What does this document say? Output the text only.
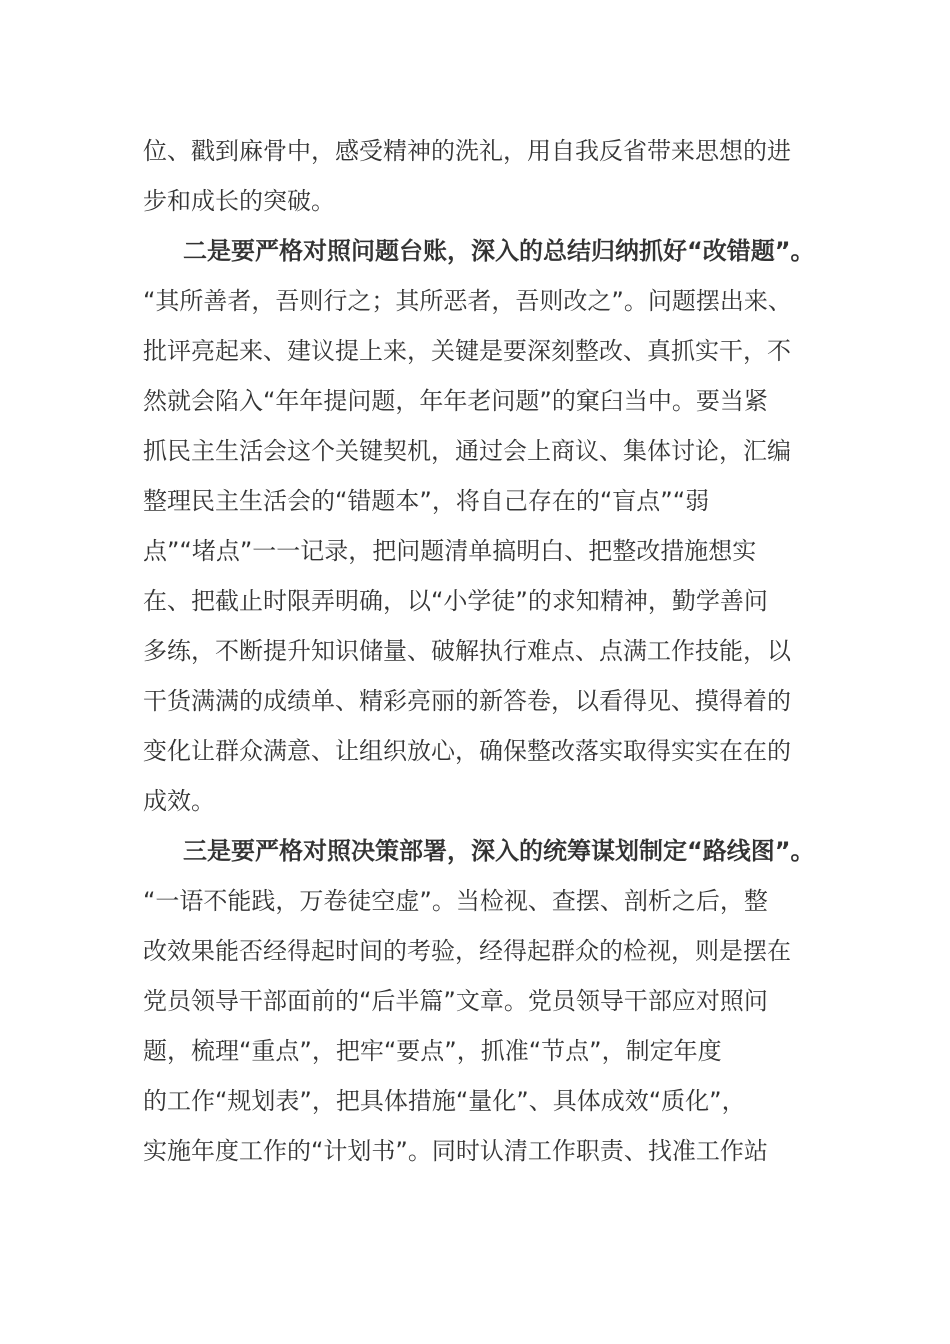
位、戳到麻骨中，感受精神的洗礼，用自我反省带来思想的进
步和成长的突破。
二是要严格对照问题台账，深入的总结归纳抓好“改错题”。
“其所善者，吾则行之；其所恶者，吾则改之”。问题摆出来、
批评亮起来、建议提上来，关键是要深刻整改、真抓实干，不
然就会陷入“年年提问题，年年老问题”的窠臼当中。要当紧
抓民主生活会这个关键契机，通过会上商议、集体讨论，汇编
整理民主生活会的“错题本”，将自己存在的“盲点”“弱
点”“堵点”一一记录，把问题清单搞明白、把整改措施想实
在、把截止时限弄明确，以“小学徒”的求知精神，勤学善问
多练，不断提升知识储量、破解执行难点、点满工作技能，以
干货满满的成绩单、精彩亮丽的新答卷，以看得见、摸得着的
变化让群众满意、让组织放心，确保整改落实取得实实在在的
成效。
三是要严格对照决策部署，深入的统筹谋划制定“路线图”。
“一语不能践，万卷徒空虚”。当检视、查摆、剖析之后，整
改效果能否经得起时间的考验，经得起群众的检视，则是摆在
党员领导干部面前的“后半篇”文章。党员领导干部应对照问
题，梳理“重点”，把牢“要点”，抓准“节点”，制定年度
的工作“规划表”，把具体措施“量化”、具体成效“质化”，
实施年度工作的“计划书”。同时认清工作职责、找准工作站
